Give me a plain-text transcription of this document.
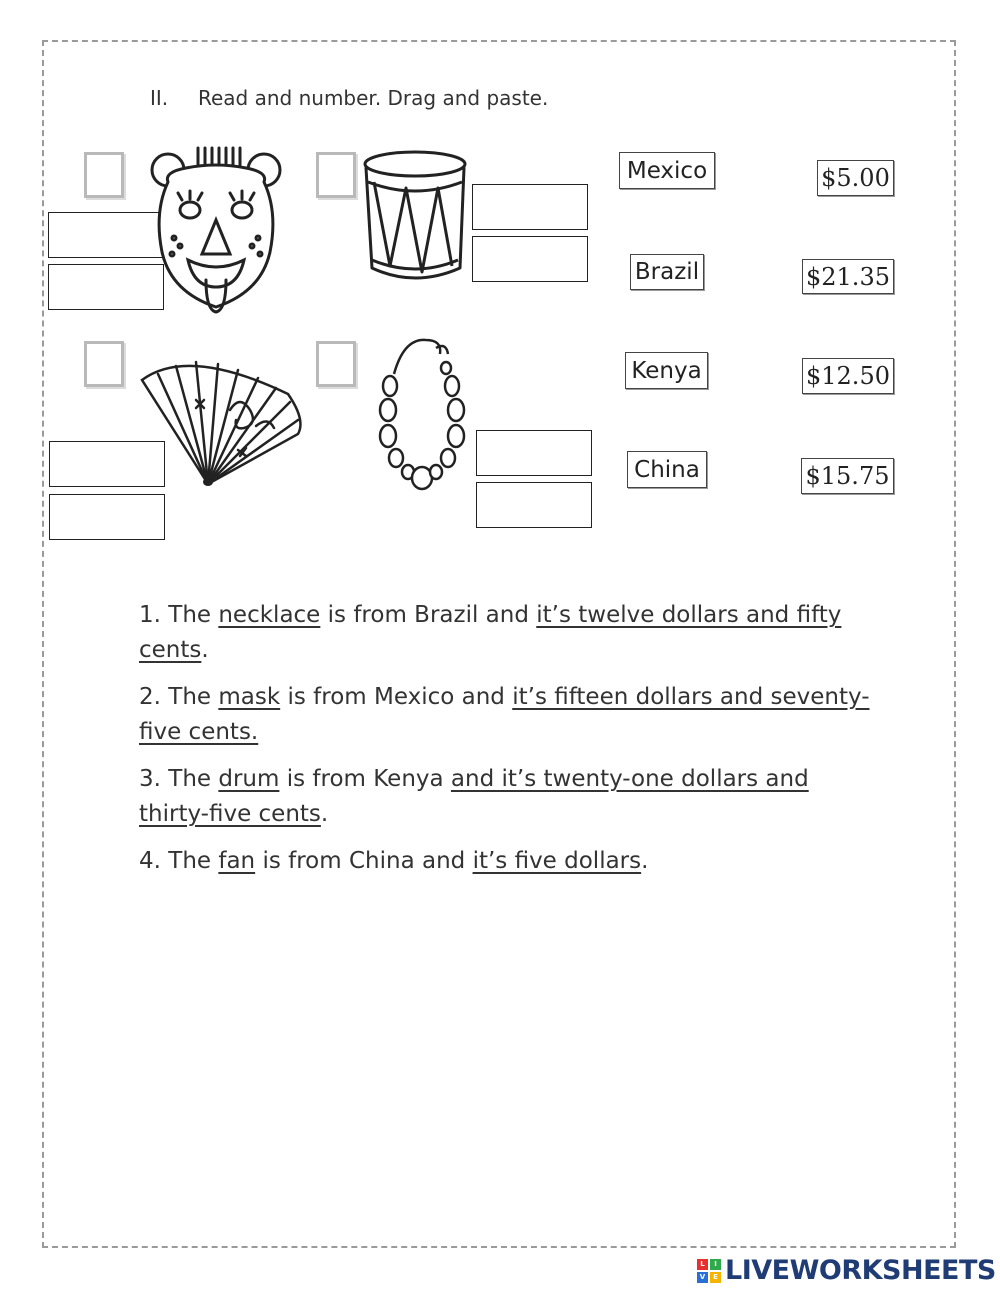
II. Read and number. Drag and paste.
Mexico
Brazil
Kenya
China
$5.00
$21.35
$12.50
$15.75

1. The necklace is from Brazil and it’s twelve dollars and fifty cents.

2. The mask is from Mexico and it’s fifteen dollars and seventy-five cents.

3. The drum is from Kenya and it’s twenty-one dollars and thirty-five cents.

4. The fan is from China and it’s five dollars.

L	I
V	E LIVEWORKSHEETS
